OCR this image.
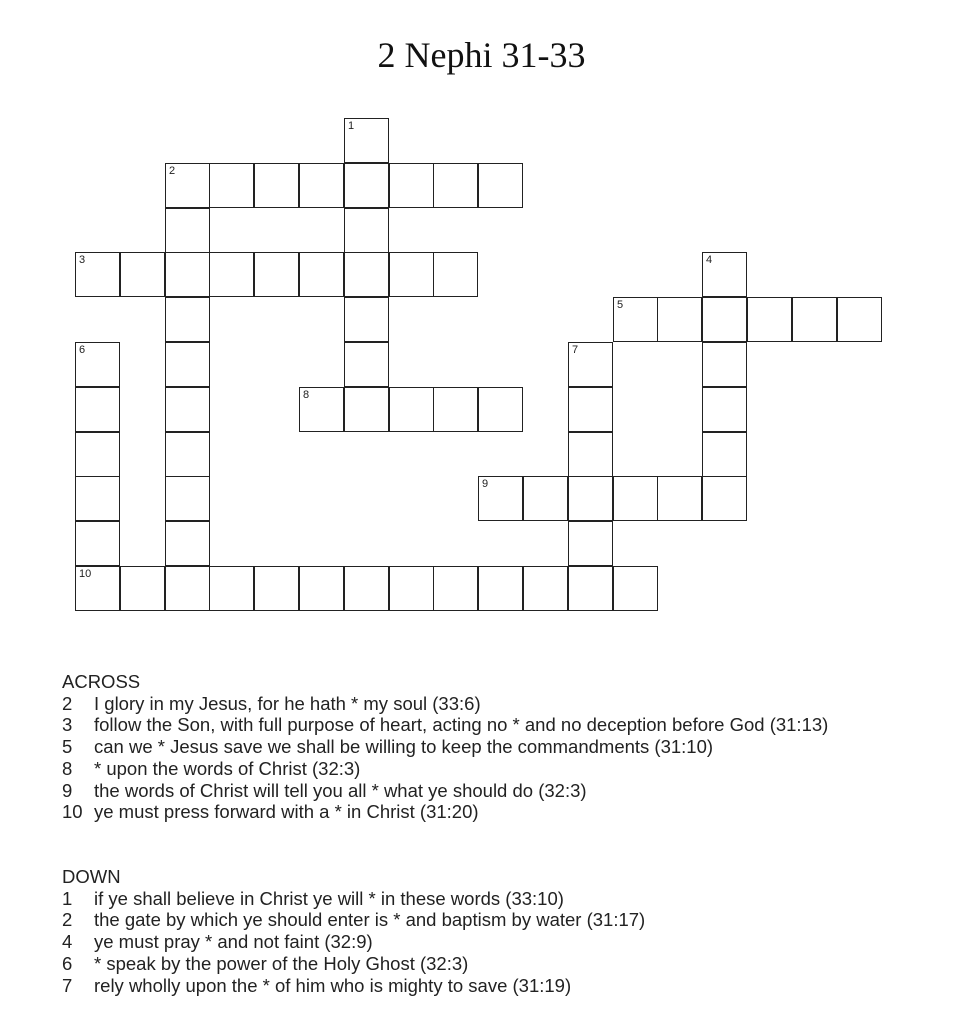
2 Nephi 31-33
1
2
3	4
5
6
10
7
8
9
ACROSS
2	I glory in my Jesus, for he hath * my soul (33:6)
3	follow the Son, with full purpose of heart, acting no * and no deception before God (31:13)
5	can we * Jesus save we shall be willing to keep the commandments (31:10)
8	* upon the words of Christ (32:3)
9	the words of Christ will tell you all * what ye should do (32:3)
10 ye must press forward with a * in Christ (31:20)
DOWN
1	if ye shall believe in Christ ye will * in these words (33:10)
2	the gate by which ye should enter is * and baptism by water (31:17)
4	ye must pray * and not faint (32:9)
6	* speak by the power of the Holy Ghost (32:3)
7	rely wholly upon the * of him who is mighty to save (31:19)
